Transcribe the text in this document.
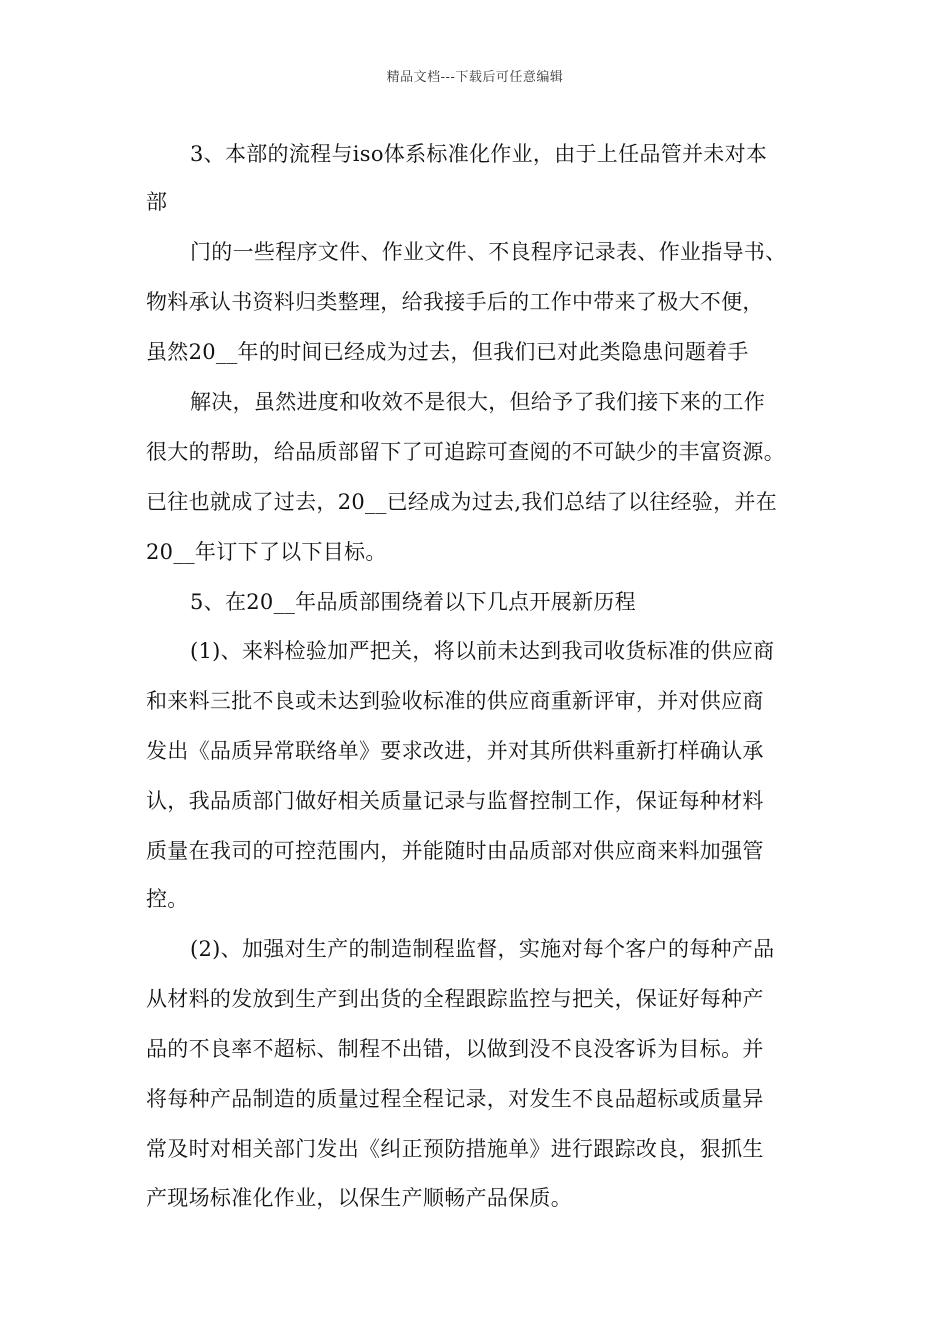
精品文档---下载后可任意编辑
3、本部的流程与iso体系标准化作业，由于上任品管并未对本
部
门的一些程序文件、作业文件、不良程序记录表、作业指导书、
物料承认书资料归类整理，给我接手后的工作中带来了极大不便，
虽然20__年的时间已经成为过去，但我们已对此类隐患问题着手
解决，虽然进度和收效不是很大，但给予了我们接下来的工作
很大的帮助，给品质部留下了可追踪可查阅的不可缺少的丰富资源。
已往也就成了过去，20__已经成为过去,我们总结了以往经验，并在
20__年订下了以下目标。
5、在20__年品质部围绕着以下几点开展新历程
(1)、来料检验加严把关，将以前未达到我司收货标准的供应商
和来料三批不良或未达到验收标准的供应商重新评审，并对供应商
发出《品质异常联络单》要求改进，并对其所供料重新打样确认承
认，我品质部门做好相关质量记录与监督控制工作，保证每种材料
质量在我司的可控范围内，并能随时由品质部对供应商来料加强管
控。
(2)、加强对生产的制造制程监督，实施对每个客户的每种产品
从材料的发放到生产到出货的全程跟踪监控与把关，保证好每种产
品的不良率不超标、制程不出错，以做到没不良没客诉为目标。并
将每种产品制造的质量过程全程记录，对发生不良品超标或质量异
常及时对相关部门发出《纠正预防措施单》进行跟踪改良，狠抓生
产现场标准化作业，以保生产顺畅产品保质。
